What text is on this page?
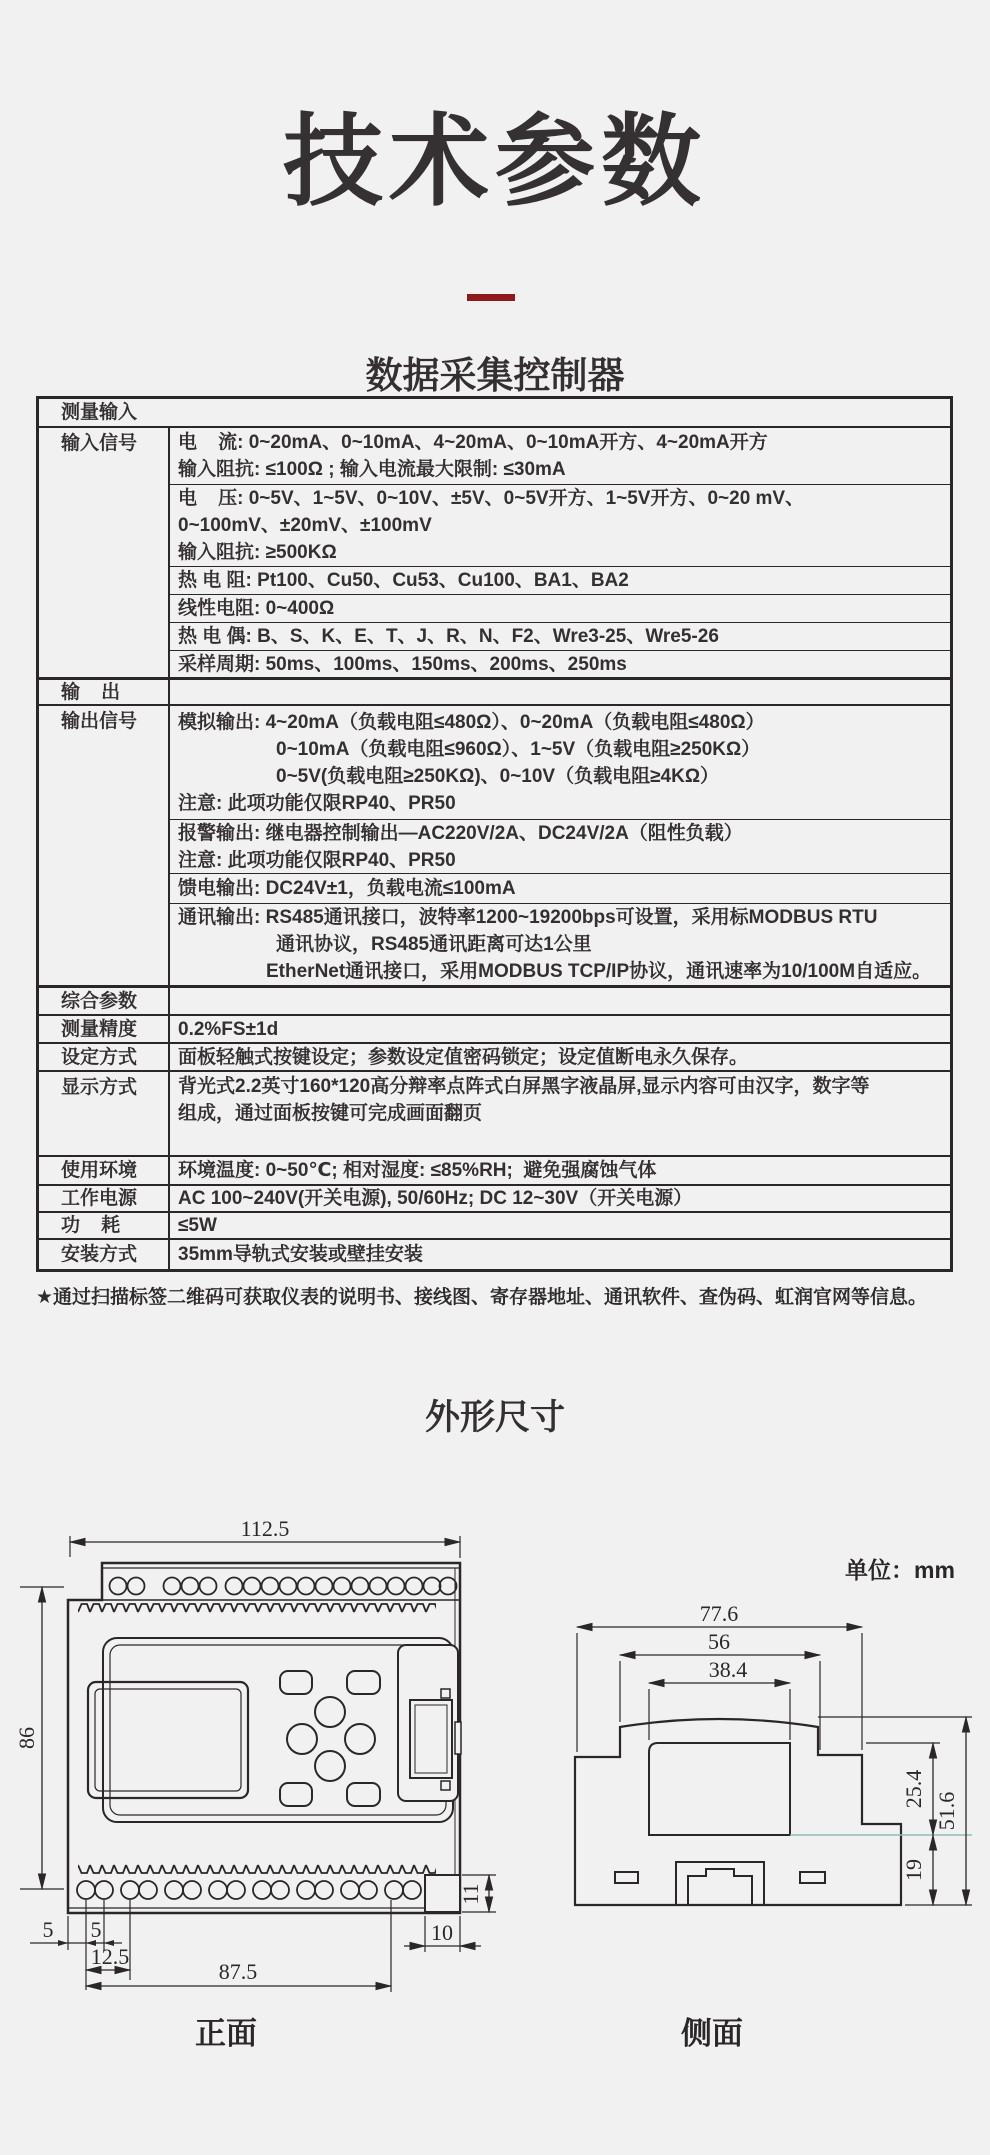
技术参数
数据采集控制器
测量输入
输入信号	电    流: 0~20mA、0~10mA、4~20mA、0~10mA开方、4~20mA开方
输入阻抗: ≤100Ω ; 输入电流最大限制: ≤30mA
电    压: 0~5V、1~5V、0~10V、±5V、0~5V开方、1~5V开方、0~20 mV、
0~100mV、±20mV、±100mV
输入阻抗: ≥500KΩ
热 电 阻: Pt100、Cu50、Cu53、Cu100、BA1、BA2
线性电阻: 0~400Ω
热 电 偶: B、S、K、E、T、J、R、N、F2、Wre3-25、Wre5-26
采样周期: 50ms、100ms、150ms、200ms、250ms
输    出
输出信号	模拟输出: 4~20mA（负载电阻≤480Ω）、0~20mA（负载电阻≤480Ω）
0~10mA（负载电阻≤960Ω）、1~5V（负载电阻≥250KΩ）
0~5V(负载电阻≥250KΩ)、0~10V（负载电阻≥4KΩ）
注意: 此项功能仅限RP40、PR50
报警输出: 继电器控制输出—AC220V/2A、DC24V/2A（阻性负载）
注意: 此项功能仅限RP40、PR50
馈电输出: DC24V±1，负载电流≤100mA
通讯输出: RS485通讯接口，波特率1200~19200bps可设置，采用标MODBUS RTU
通讯协议，RS485通讯距离可达1公里
EtherNet通讯接口，采用MODBUS TCP/IP协议，通讯速率为10/100M自适应。
综合参数
测量精度	0.2%FS±1d
设定方式	面板轻触式按键设定；参数设定值密码锁定；设定值断电永久保存。
显示方式	背光式2.2英寸160*120高分辩率点阵式白屏黑字液晶屏,显示内容可由汉字，数字等
组成，通过面板按键可完成画面翻页
使用环境	环境温度: 0~50℃; 相对湿度: ≤85%RH;  避免强腐蚀气体
工作电源	AC 100~240V(开关电源), 50/60Hz; DC 12~30V（开关电源）
功    耗	≤5W
安装方式	35mm导轨式安装或壁挂安装
★通过扫描标签二维码可获取仪表的说明书、接线图、寄存器地址、通讯软件、查伪码、虹润官网等信息。
外形尺寸
112.5
86
11
10
5 5
12.5
87.5
正面
单位：mm
77.6
56
38.4
25.4
19
51.6
侧面
